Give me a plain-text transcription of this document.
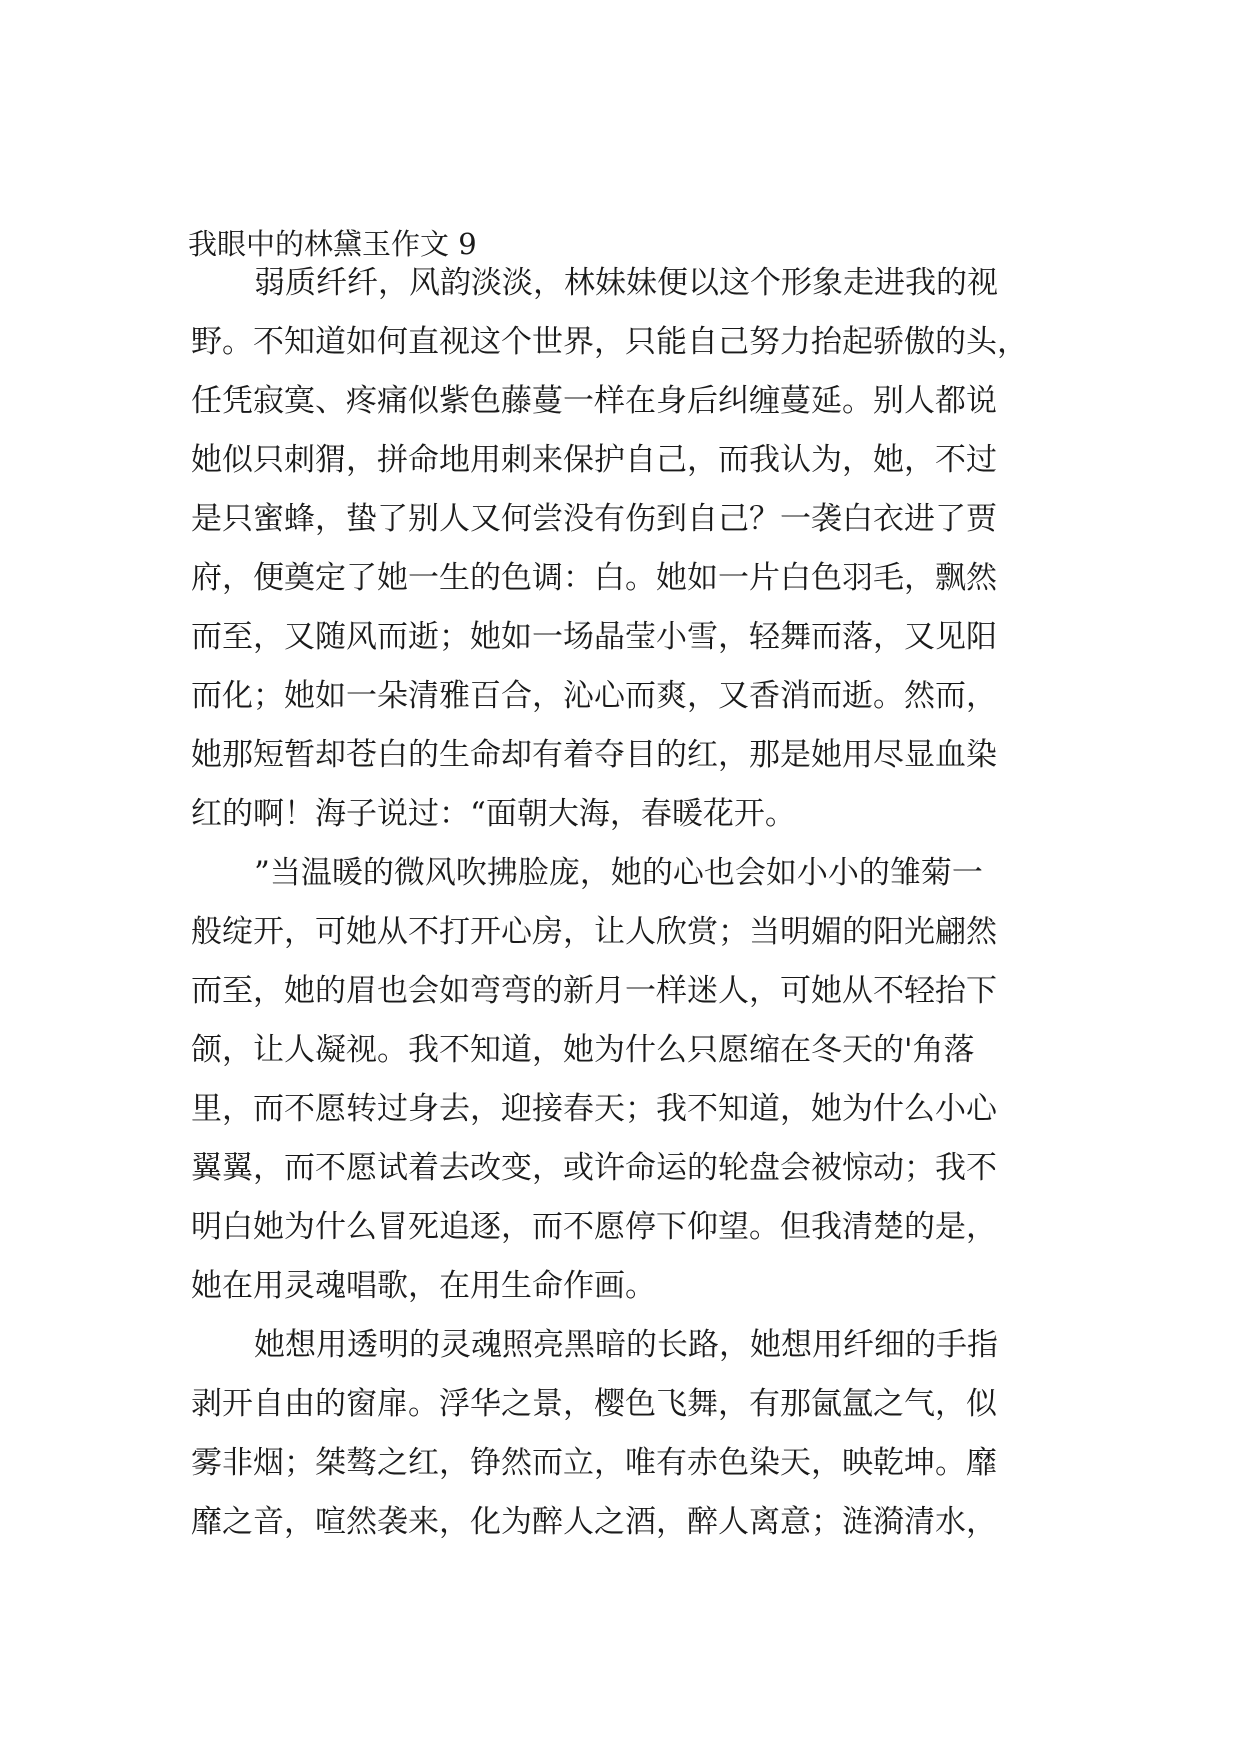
我眼中的林黛玉作文 9
弱质纤纤，风韵淡淡，林妹妹便以这个形象走进我的视
野。不知道如何直视这个世界，只能自己努力抬起骄傲的头，
任凭寂寞、疼痛似紫色藤蔓一样在身后纠缠蔓延。别人都说
她似只刺猬，拼命地用刺来保护自己，而我认为，她，不过
是只蜜蜂，蛰了别人又何尝没有伤到自己？一袭白衣进了贾
府，便奠定了她一生的色调：白。她如一片白色羽毛，飘然
而至，又随风而逝；她如一场晶莹小雪，轻舞而落，又见阳
而化；她如一朵清雅百合，沁心而爽，又香消而逝。然而，
她那短暂却苍白的生命却有着夺目的红，那是她用尽显血染
红的啊！海子说过：“面朝大海，春暖花开。
”当温暖的微风吹拂脸庞，她的心也会如小小的雏菊一
般绽开，可她从不打开心房，让人欣赏；当明媚的阳光翩然
而至，她的眉也会如弯弯的新月一样迷人，可她从不轻抬下
颌，让人凝视。我不知道，她为什么只愿缩在冬天的'角落
里，而不愿转过身去，迎接春天；我不知道，她为什么小心
翼翼，而不愿试着去改变，或许命运的轮盘会被惊动；我不
明白她为什么冒死追逐，而不愿停下仰望。但我清楚的是，
她在用灵魂唱歌，在用生命作画。
她想用透明的灵魂照亮黑暗的长路，她想用纤细的手指
剥开自由的窗扉。浮华之景，樱色飞舞，有那氤氲之气，似
雾非烟；桀骜之红，铮然而立，唯有赤色染天，映乾坤。靡
靡之音，喧然袭来，化为醉人之酒，醉人离意；涟漪清水，
